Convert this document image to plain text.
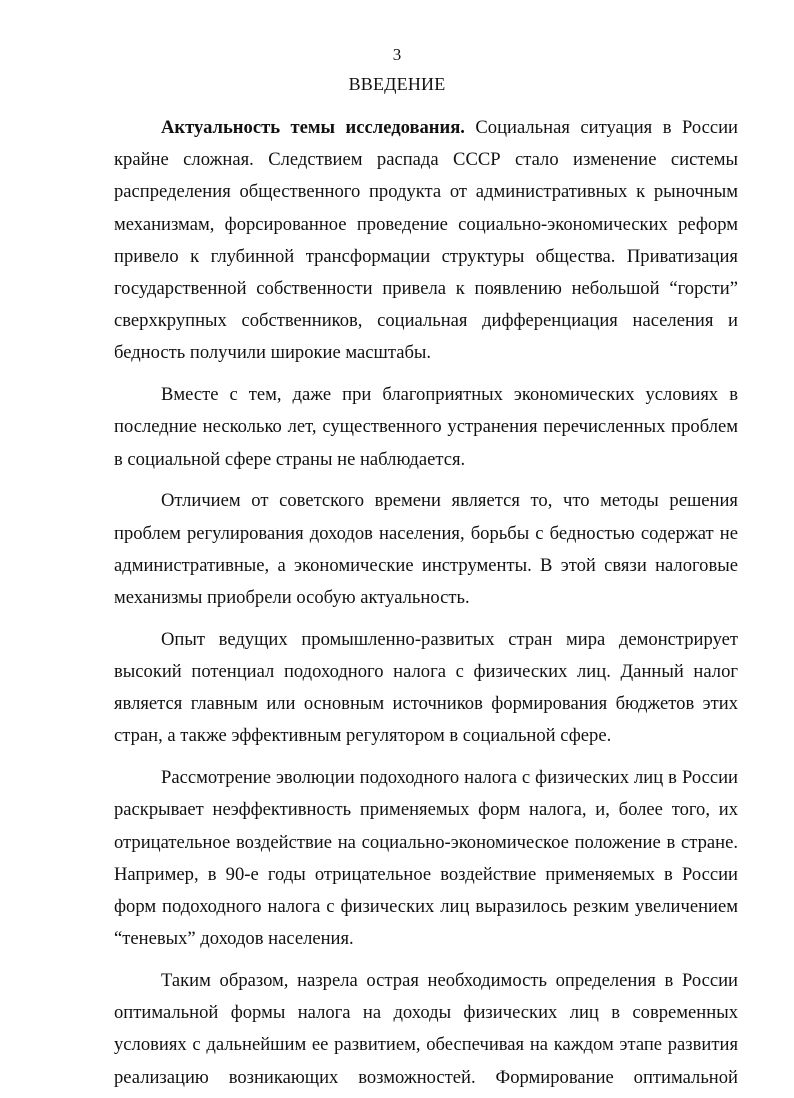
3
ВВЕДЕНИЕ

Актуальность темы исследования. Социальная ситуация в России крайне сложная. Следствием распада СССР стало изменение системы распределения общественного продукта от административных к рыночным механизмам, форсированное проведение социально-экономических реформ привело к глубинной трансформации структуры общества. Приватизация государственной собственности привела к появлению небольшой “горсти” сверхкрупных собственников, социальная дифференциация населения и бедность получили широкие масштабы.

Вместе с тем, даже при благоприятных экономических условиях в последние несколько лет, существенного устранения перечисленных проблем в социальной сфере страны не наблюдается.

Отличием от советского времени является то, что методы решения проблем регулирования доходов населения, борьбы с бедностью содержат не административные, а экономические инструменты. В этой связи налоговые механизмы приобрели особую актуальность.

Опыт ведущих промышленно-развитых стран мира демонстрирует высокий потенциал подоходного налога с физических лиц. Данный налог является главным или основным источников формирования бюджетов этих стран, а также эффективным регулятором в социальной сфере.

Рассмотрение эволюции подоходного налога с физических лиц в России раскрывает неэффективность применяемых форм налога, и, более того, их отрицательное воздействие на социально-экономическое положение в стране. Например, в 90-е годы отрицательное воздействие применяемых в России форм подоходного налога с физических лиц выразилось резким увеличением “теневых” доходов населения.

Таким образом, назрела острая необходимость определения в России оптимальной формы налога на доходы физических лиц в современных условиях с дальнейшим ее развитием, обеспечивая на каждом этапе развития реализацию возникающих возможностей. Формирование оптимальной
